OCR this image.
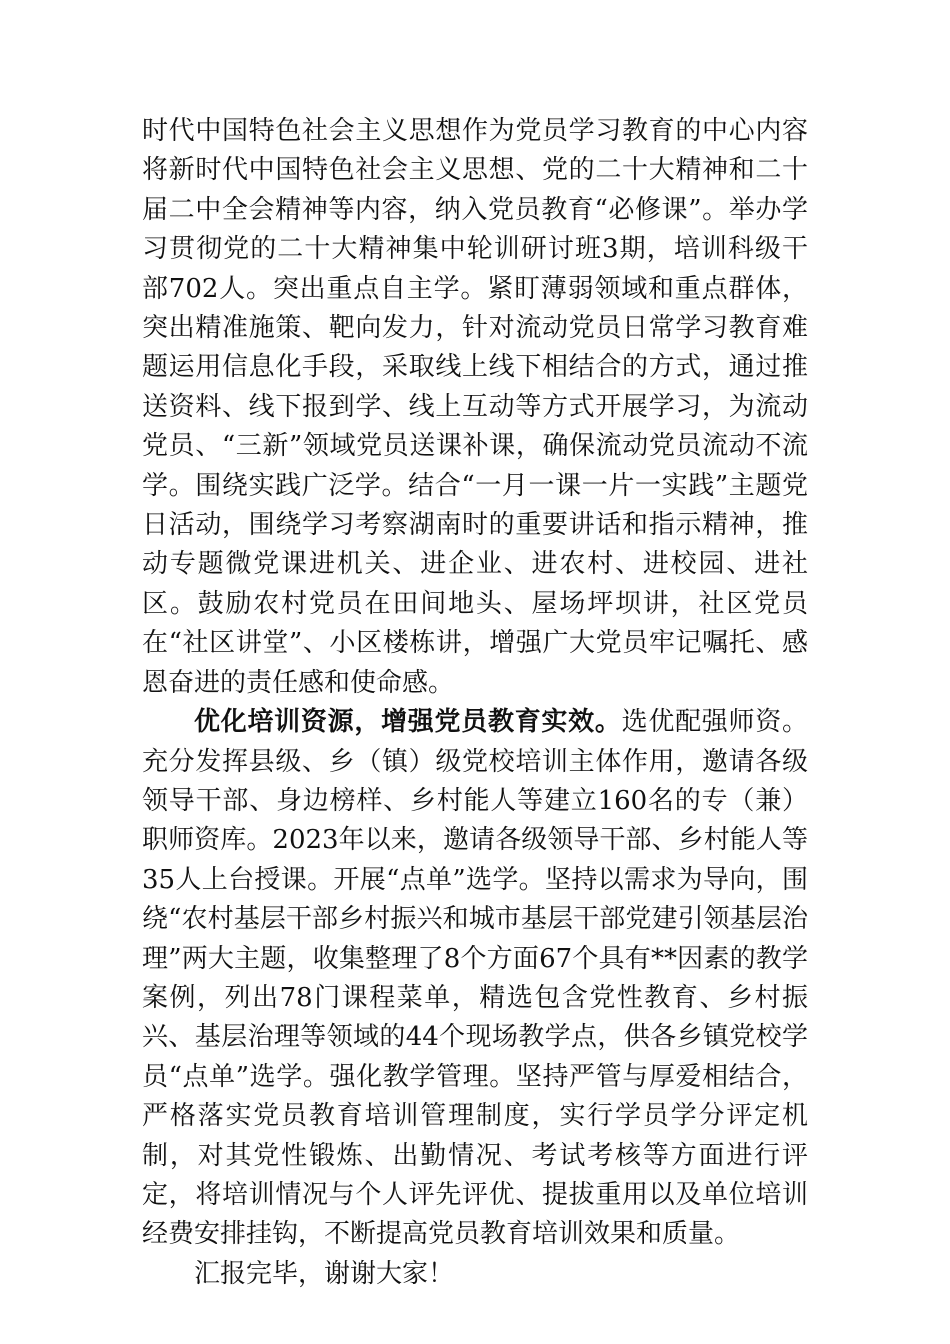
时代中国特色社会主义思想作为党员学习教育的中心内容将新时代中国特色社会主义思想、党的二十大精神和二十届二中全会精神等内容，纳入党员教育“必修课”。举办学习贯彻党的二十大精神集中轮训研讨班3期，培训科级干部702人。突出重点自主学。紧盯薄弱领域和重点群体，突出精准施策、靶向发力，针对流动党员日常学习教育难题运用信息化手段，采取线上线下相结合的方式，通过推送资料、线下报到学、线上互动等方式开展学习，为流动党员、“三新”领域党员送课补课，确保流动党员流动不流学。围绕实践广泛学。结合“一月一课一片一实践”主题党日活动，围绕学习考察湖南时的重要讲话和指示精神，推动专题微党课进机关、进企业、进农村、进校园、进社区。鼓励农村党员在田间地头、屋场坪坝讲，社区党员在“社区讲堂”、小区楼栋讲，增强广大党员牢记嘱托、感恩奋进的责任感和使命感。

优化培训资源，增强党员教育实效。选优配强师资。充分发挥县级、乡（镇）级党校培训主体作用，邀请各级领导干部、身边榜样、乡村能人等建立160名的专（兼）职师资库。2023年以来，邀请各级领导干部、乡村能人等35人上台授课。开展“点单”选学。坚持以需求为导向，围绕“农村基层干部乡村振兴和城市基层干部党建引领基层治理”两大主题，收集整理了8个方面67个具有**因素的教学案例，列出78门课程菜单，精选包含党性教育、乡村振兴、基层治理等领域的44个现场教学点，供各乡镇党校学员“点单”选学。强化教学管理。坚持严管与厚爱相结合，严格落实党员教育培训管理制度，实行学员学分评定机制，对其党性锻炼、出勤情况、考试考核等方面进行评定，将培训情况与个人评先评优、提拔重用以及单位培训经费安排挂钩，不断提高党员教育培训效果和质量。

汇报完毕，谢谢大家！
